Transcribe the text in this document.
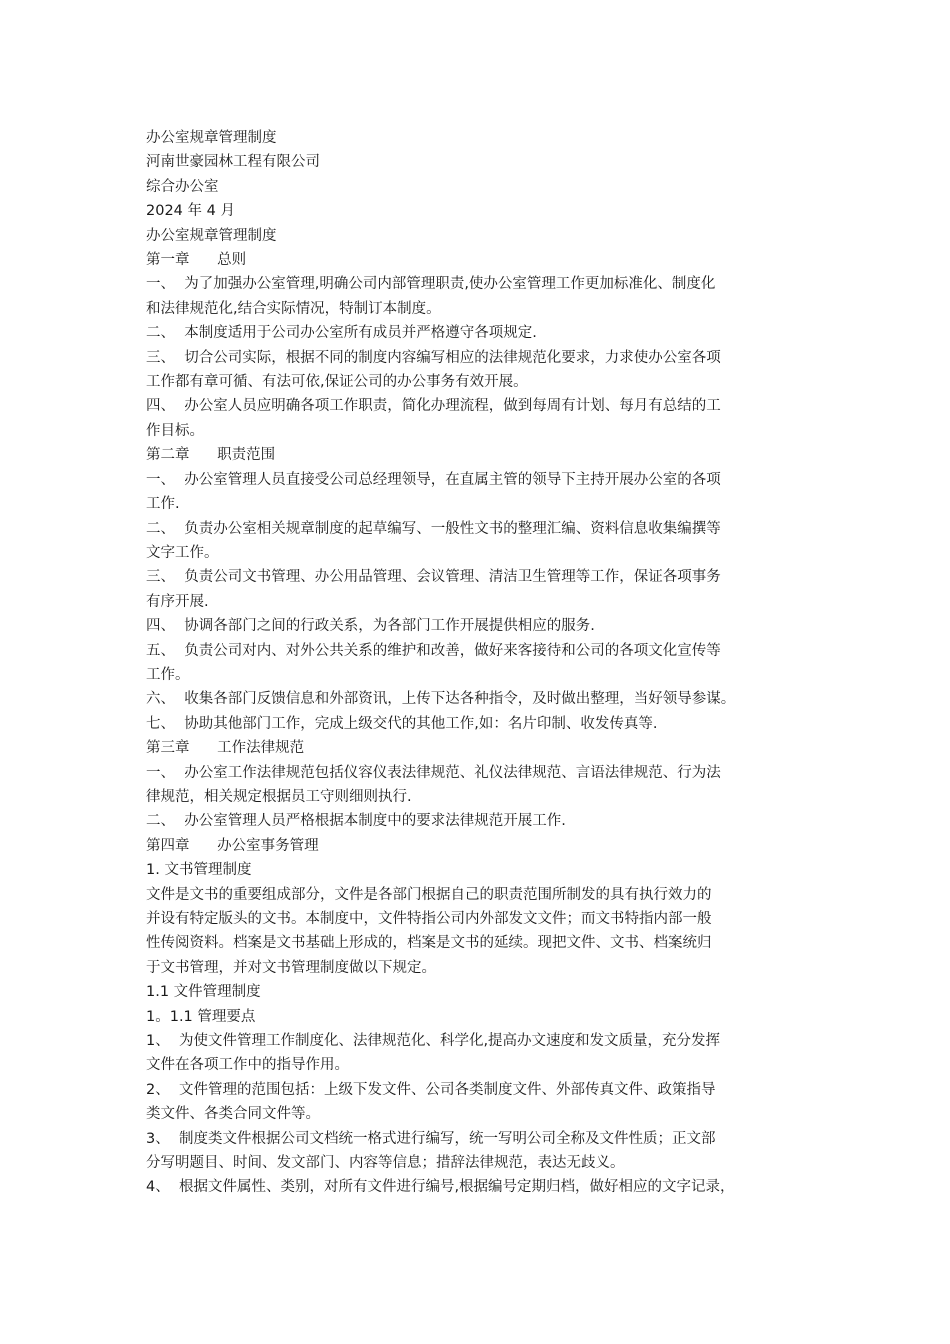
办公室规章管理制度
河南世豪园林工程有限公司
综合办公室
2024 年 4 月
办公室规章管理制度
第一章      总则
一、  为了加强办公室管理,明确公司内部管理职责,使办公室管理工作更加标准化、制度化
和法律规范化,结合实际情况，特制订本制度。
二、  本制度适用于公司办公室所有成员并严格遵守各项规定.
三、  切合公司实际，根据不同的制度内容编写相应的法律规范化要求，力求使办公室各项
工作都有章可循、有法可依,保证公司的办公事务有效开展。
四、  办公室人员应明确各项工作职责，简化办理流程，做到每周有计划、每月有总结的工
作目标。
第二章      职责范围
一、  办公室管理人员直接受公司总经理领导，在直属主管的领导下主持开展办公室的各项
工作.
二、  负责办公室相关规章制度的起草编写、一般性文书的整理汇编、资料信息收集编撰等
文字工作。
三、  负责公司文书管理、办公用品管理、会议管理、清洁卫生管理等工作，保证各项事务
有序开展.
四、  协调各部门之间的行政关系，为各部门工作开展提供相应的服务.
五、  负责公司对内、对外公共关系的维护和改善，做好来客接待和公司的各项文化宣传等
工作。
六、  收集各部门反馈信息和外部资讯，上传下达各种指令，及时做出整理，当好领导参谋。
七、  协助其他部门工作，完成上级交代的其他工作,如：名片印制、收发传真等.
第三章      工作法律规范
一、  办公室工作法律规范包括仪容仪表法律规范、礼仪法律规范、言语法律规范、行为法
律规范，相关规定根据员工守则细则执行.
二、  办公室管理人员严格根据本制度中的要求法律规范开展工作.
第四章      办公室事务管理
1. 文书管理制度
文件是文书的重要组成部分，文件是各部门根据自己的职责范围所制发的具有执行效力的
并设有特定版头的文书。本制度中，文件特指公司内外部发文文件；而文书特指内部一般
性传阅资料。档案是文书基础上形成的，档案是文书的延续。现把文件、文书、档案统归
于文书管理，并对文书管理制度做以下规定。
1.1 文件管理制度
1。1.1 管理要点
1、  为使文件管理工作制度化、法律规范化、科学化,提高办文速度和发文质量，充分发挥
文件在各项工作中的指导作用。
2、  文件管理的范围包括：上级下发文件、公司各类制度文件、外部传真文件、政策指导
类文件、各类合同文件等。
3、  制度类文件根据公司文档统一格式进行编写，统一写明公司全称及文件性质；正文部
分写明题目、时间、发文部门、内容等信息；措辞法律规范，表达无歧义。
4、  根据文件属性、类别，对所有文件进行编号,根据编号定期归档，做好相应的文字记录，
